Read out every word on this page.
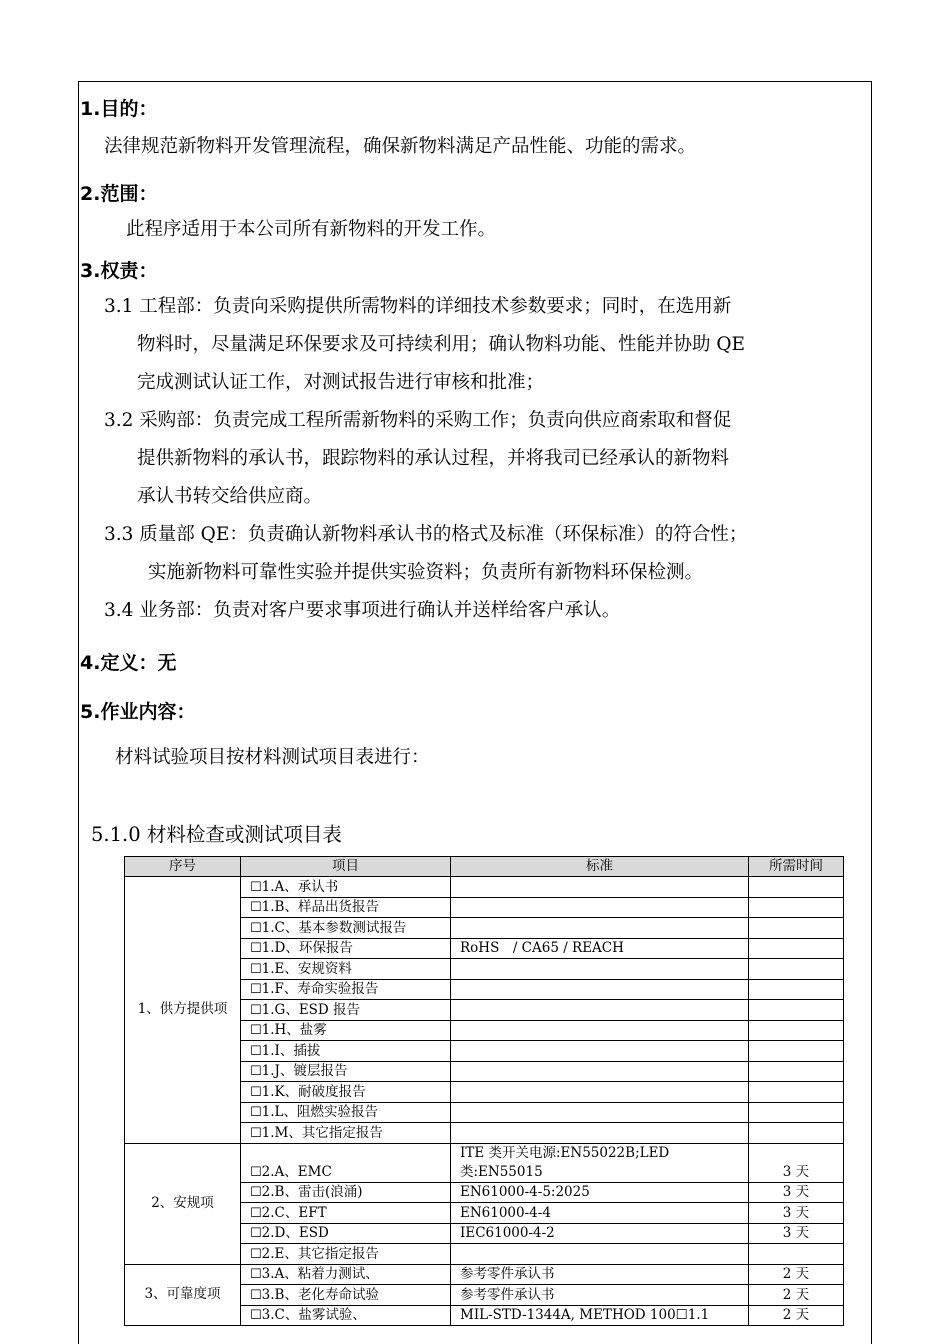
1.目的：
法律规范新物料开发管理流程，确保新物料满足产品性能、功能的需求。
2.范围：
此程序适用于本公司所有新物料的开发工作。
3.权责：
3.1 工程部：负责向采购提供所需物料的详细技术参数要求；同时，在选用新
物料时，尽量满足环保要求及可持续利用；确认物料功能、性能并协助 QE
完成测试认证工作，对测试报告进行审核和批准；
3.2 采购部：负责完成工程所需新物料的采购工作；负责向供应商索取和督促
提供新物料的承认书，跟踪物料的承认过程，并将我司已经承认的新物料
承认书转交给供应商。
3.3 质量部 QE：负责确认新物料承认书的格式及标准（环保标准）的符合性；
实施新物料可靠性实验并提供实验资料；负责所有新物料环保检测。
3.4 业务部：负责对客户要求事项进行确认并送样给客户承认。
4.定义：无
5.作业内容：
材料试验项目按材料测试项目表进行：
5.1.0 材料检查或测试项目表
序号	项目	标准	所需时间
1、供方提供项	☐1.A、承认书		
	☐1.B、样品出货报告		
	☐1.C、基本参数测试报告		
	☐1.D、环保报告	RoHS　/ CA65 / REACH	
	☐1.E、安规资料		
	☐1.F、寿命实验报告		
	☐1.G、ESD 报告		
	☐1.H、盐雾		
	☐1.I、插拔		
	☐1.J、镀层报告		
	☐1.K、耐破度报告		
	☐1.L、阻燃实验报告		
	☐1.M、其它指定报告		
2、安规项	☐2.A、EMC	ITE 类开关电源:EN55022B;LED 类:EN55015	3 天
	☐2.B、雷击(浪涌)	EN61000-4-5:2025	3 天
	☐2.C、EFT	EN61000-4-4	3 天
	☐2.D、ESD	IEC61000-4-2	3 天
	☐2.E、其它指定报告		
3、可靠度项	☐3.A、粘着力测试、	参考零件承认书	2 天
	☐3.B、老化寿命试验	参考零件承认书	2 天
	☐3.C、盐雾试验、	MIL-STD-1344A, METHOD 100☐1.1	2 天
